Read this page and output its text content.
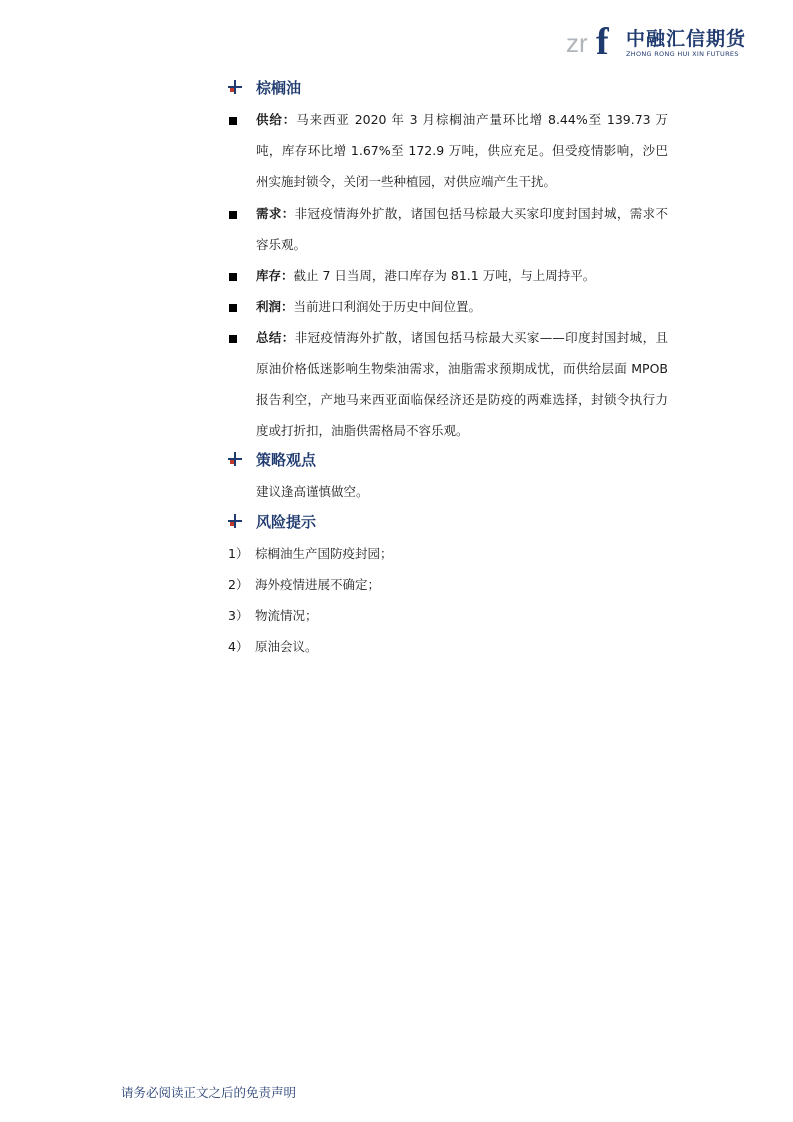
zr f 中融汇信期货
ZHONG RONG HUI XIN FUTURES
棕榈油
供给：马来西亚 2020 年 3 月棕榈油产量环比增 8.44%至 139.73 万吨，库存环比增 1.67%至 172.9 万吨，供应充足。但受疫情影响，沙巴州实施封锁令，关闭一些种植园，对供应端产生干扰。
需求：非冠疫情海外扩散，诸国包括马棕最大买家印度封国封城，需求不容乐观。
库存：截止 7 日当周，港口库存为 81.1 万吨，与上周持平。
利润：当前进口利润处于历史中间位置。
总结：非冠疫情海外扩散，诸国包括马棕最大买家——印度封国封城，且原油价格低迷影响生物柴油需求，油脂需求预期成忧，而供给层面 MPOB 报告利空，产地马来西亚面临保经济还是防疫的两难选择，封锁令执行力度或打折扣，油脂供需格局不容乐观。
策略观点
建议逢高谨慎做空。
风险提示
1） 棕榈油生产国防疫封园；
2） 海外疫情进展不确定；
3） 物流情况；
4） 原油会议。
请务必阅读正文之后的免责声明
